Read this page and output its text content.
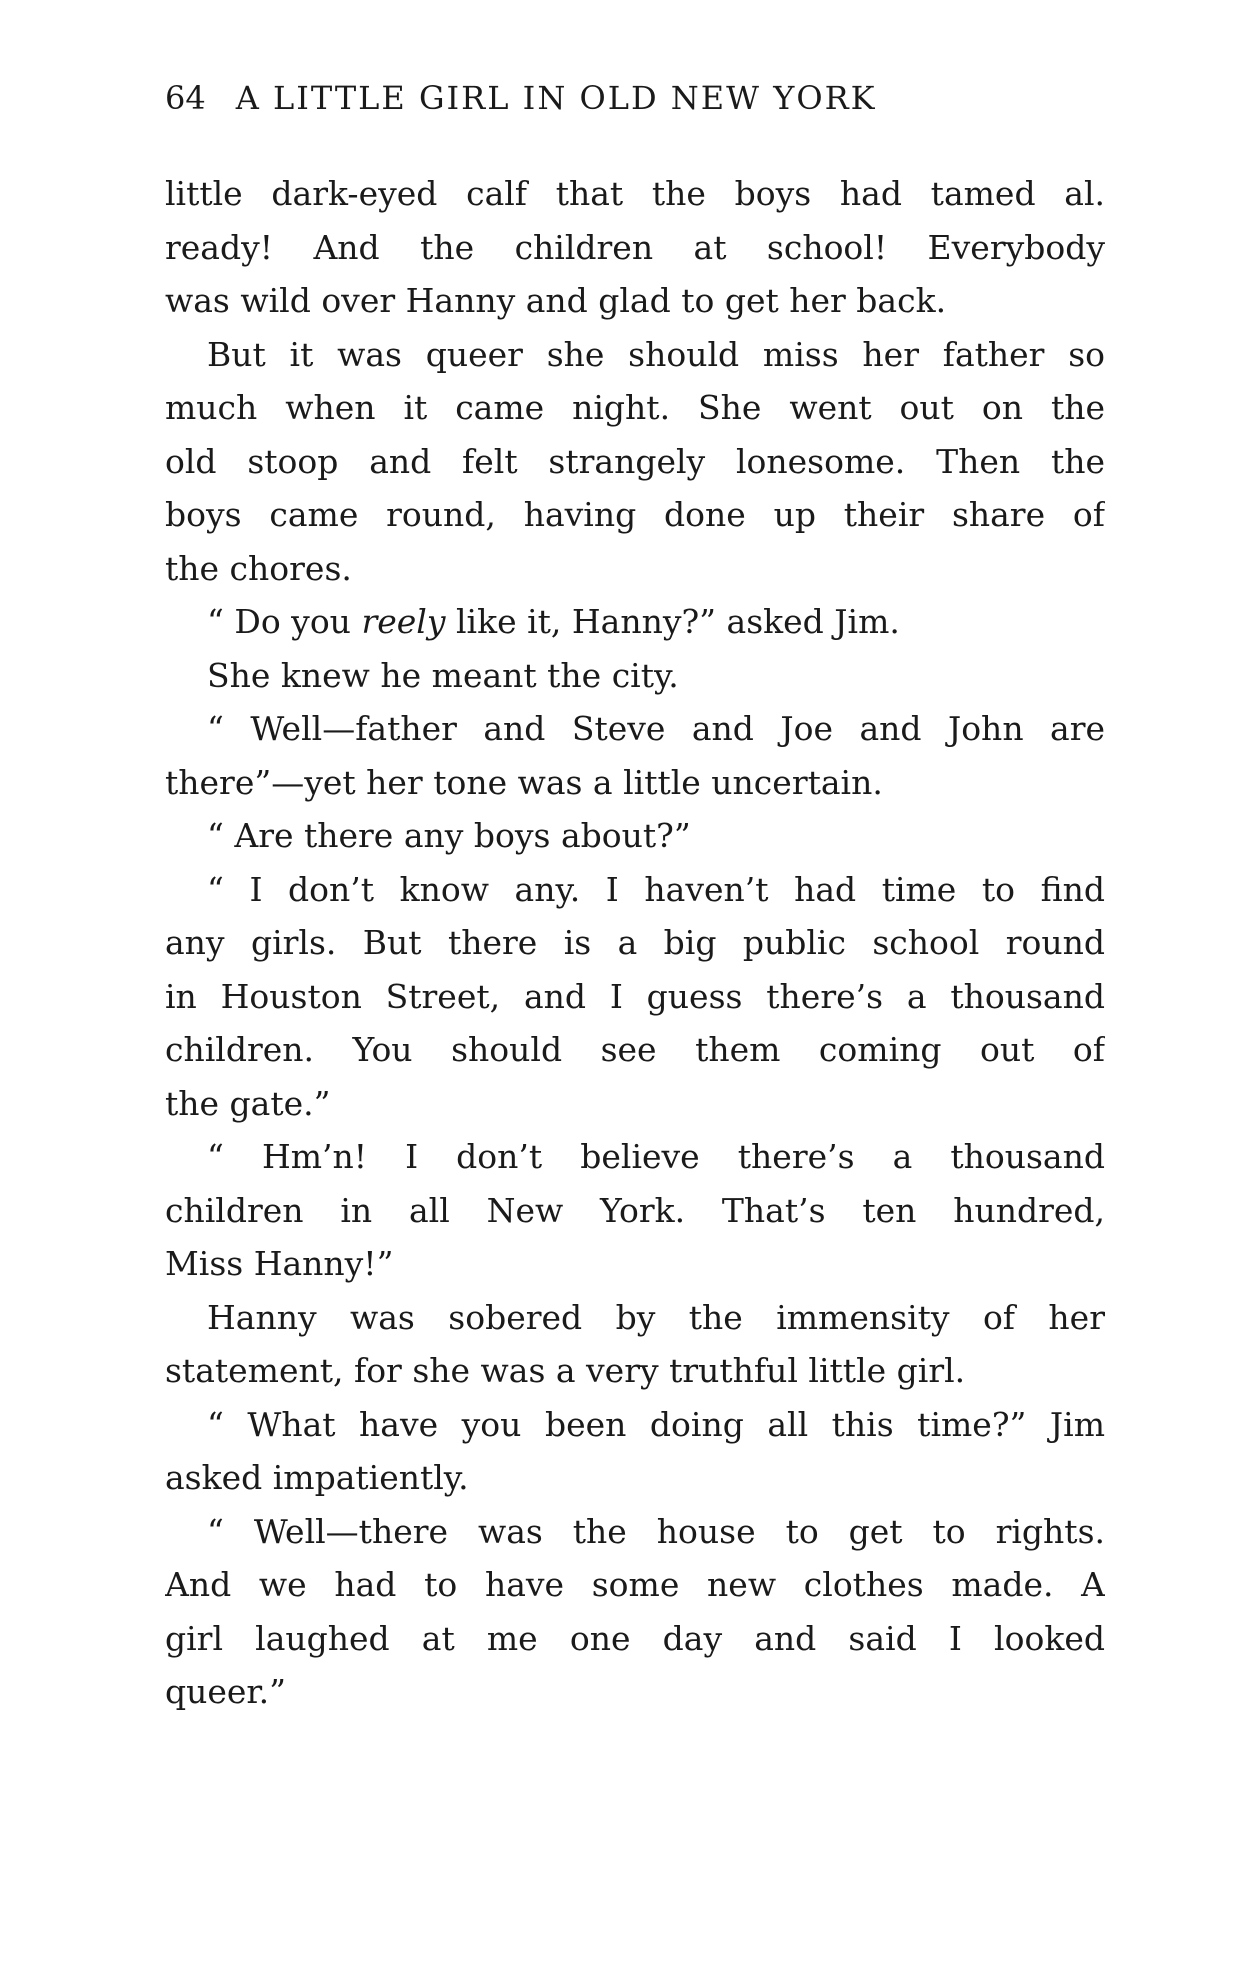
64 A LITTLE GIRL IN OLD NEW YORK
little dark-eyed calf that the boys had tamed al.
ready! And the children at school! Everybody
was wild over Hanny and glad to get her back.
But it was queer she should miss her father so
much when it came night. She went out on the
old stoop and felt strangely lonesome. Then the
boys came round, having done up their share of
the chores.
“ Do you reely like it, Hanny?” asked Jim.
She knew he meant the city.
“ Well—father and Steve and Joe and John are
there”—yet her tone was a little uncertain.
“ Are there any boys about?”
“ I don’t know any. I haven’t had time to find
any girls. But there is a big public school round
in Houston Street, and I guess there’s a thousand
children. You should see them coming out of
the gate.”
“ Hm’n! I don’t believe there’s a thousand
children in all New York. That’s ten hundred,
Miss Hanny!”
Hanny was sobered by the immensity of her
statement, for she was a very truthful little girl.
“ What have you been doing all this time?” Jim
asked impatiently.
“ Well—there was the house to get to rights.
And we had to have some new clothes made. A
girl laughed at me one day and said I looked
queer.”
